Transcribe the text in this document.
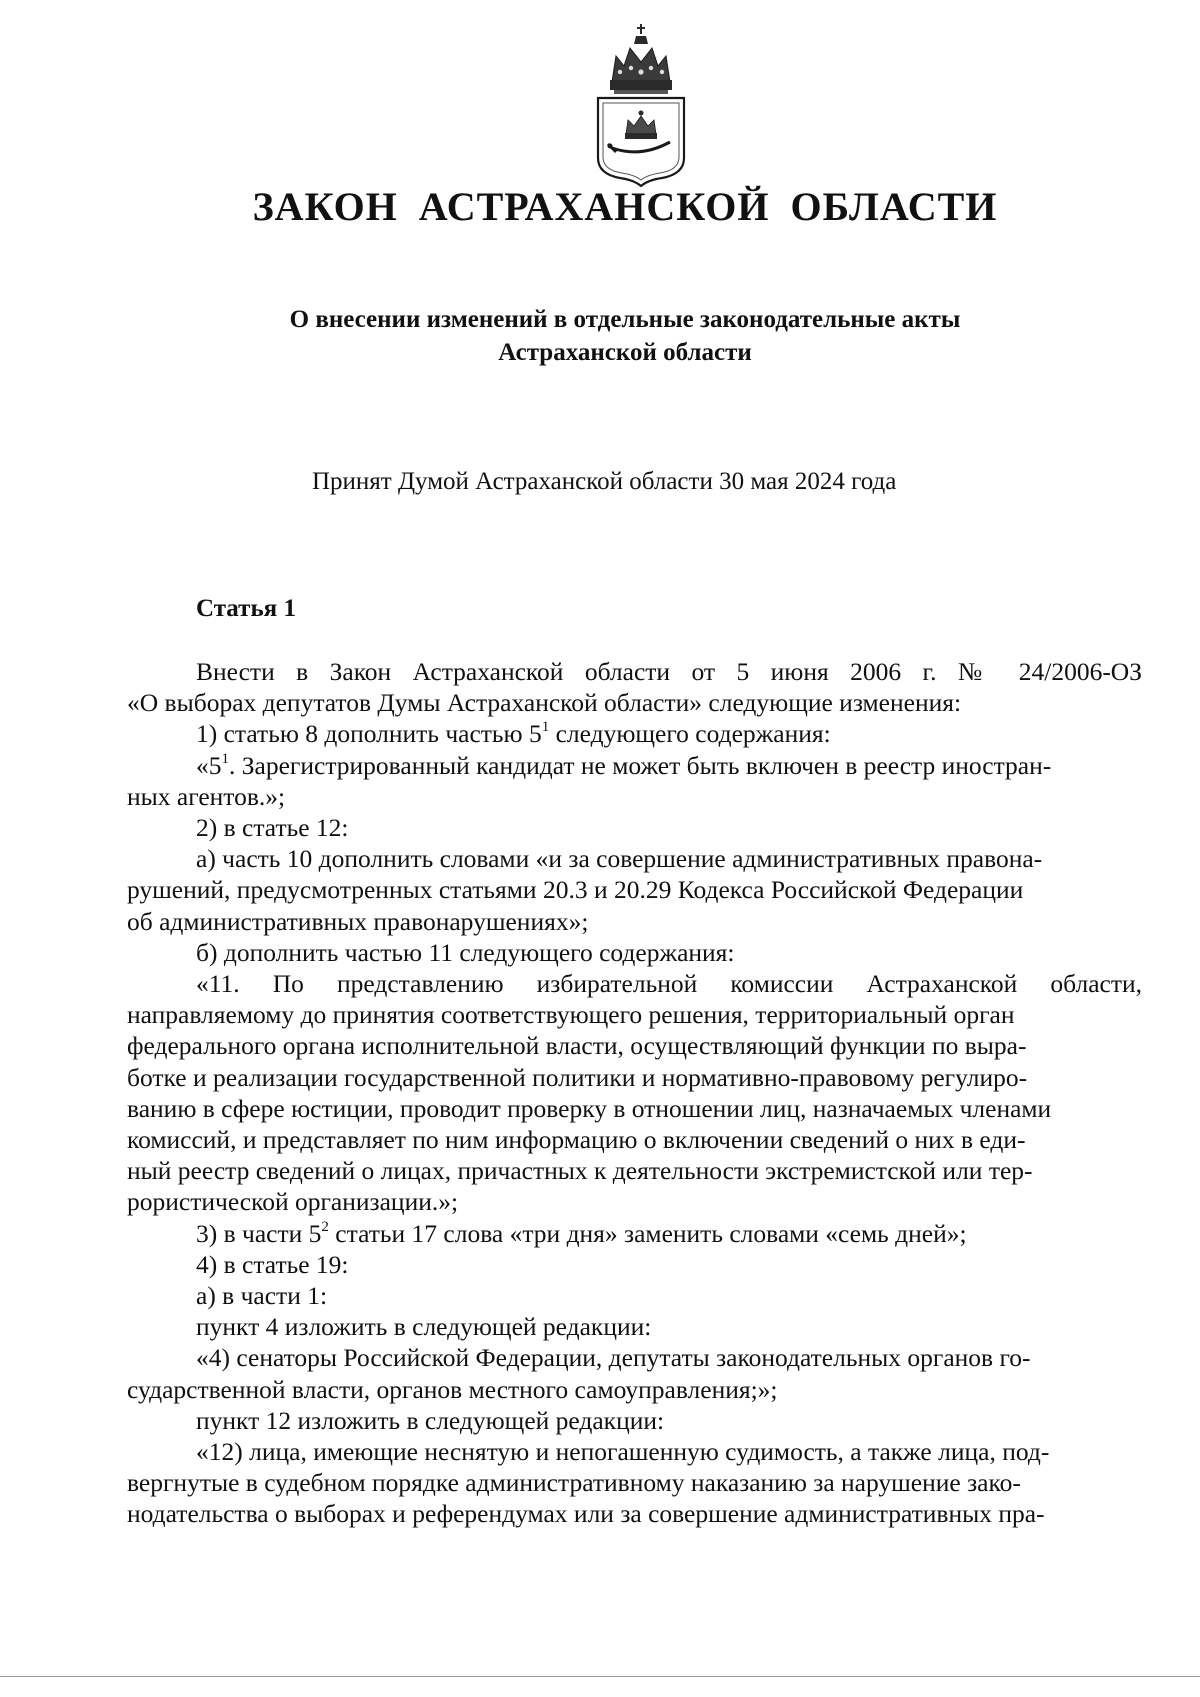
ЗАКОН АСТРАХАНСКОЙ ОБЛАСТИ
О внесении изменений в отдельные законодательные акты
Астраханской области
Принят Думой Астраханской области 30 мая 2024 года
Статья 1
Внести в Закон Астраханской области от 5 июня 2006 г. № 24/2006-ОЗ
«О выборах депутатов Думы Астраханской области» следующие изменения:
1) статью 8 дополнить частью $5^1$ следующего содержания:
«$5^1$. Зарегистрированный кандидат не может быть включен в реестр иностран-
ных агентов.»;
2) в статье 12:
а) часть 10 дополнить словами «и за совершение административных правона-
рушений, предусмотренных статьями 20.3 и 20.29 Кодекса Российской Федерации
об административных правонарушениях»;
б) дополнить частью 11 следующего содержания:
«11. По представлению избирательной комиссии Астраханской области,
направляемому до принятия соответствующего решения, территориальный орган
федерального органа исполнительной власти, осуществляющий функции по выра-
ботке и реализации государственной политики и нормативно-правовому регулиро-
ванию в сфере юстиции, проводит проверку в отношении лиц, назначаемых членами
комиссий, и представляет по ним информацию о включении сведений о них в еди-
ный реестр сведений о лицах, причастных к деятельности экстремистской или тер-
рористической организации.»;
3) в части $5^2$ статьи 17 слова «три дня» заменить словами «семь дней»;
4) в статье 19:
а) в части 1:
пункт 4 изложить в следующей редакции:
«4) сенаторы Российской Федерации, депутаты законодательных органов го-
сударственной власти, органов местного самоуправления;»;
пункт 12 изложить в следующей редакции:
«12) лица, имеющие неснятую и непогашенную судимость, а также лица, под-
вергнутые в судебном порядке административному наказанию за нарушение зако-
нодательства о выборах и референдумах или за совершение административных пра-
